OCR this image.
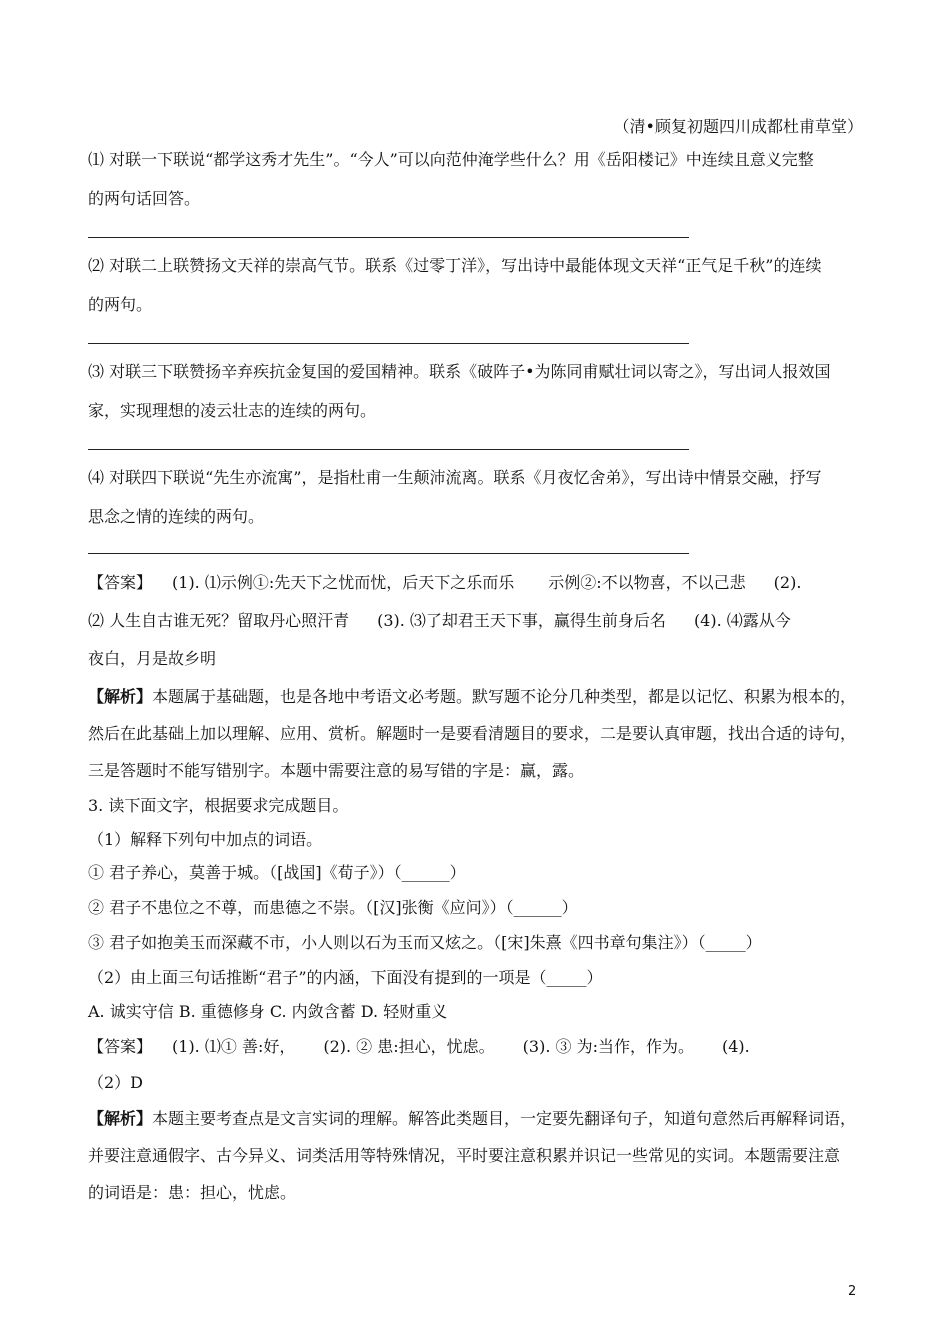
（清•顾复初题四川成都杜甫草堂）
⑴ 对联一下联说“都学这秀才先生”。“今人”可以向范仲淹学些什么？用《岳阳楼记》中连续且意义完整
的两句话回答。
⑵ 对联二上联赞扬文天祥的崇高气节。联系《过零丁洋》，写出诗中最能体现文天祥“正气足千秋”的连续
的两句。
⑶ 对联三下联赞扬辛弃疾抗金复国的爱国精神。联系《破阵子•为陈同甫赋壮词以寄之》，写出词人报效国
家，实现理想的凌云壮志的连续的两句。
⑷ 对联四下联说“先生亦流寓”，是指杜甫一生颠沛流离。联系《月夜忆舍弟》，写出诗中情景交融，抒写
思念之情的连续的两句。
【答案】 (1). ⑴示例①:先天下之忧而忧，后天下之乐而乐 示例②:不以物喜，不以己悲 (2).
⑵ 人生自古谁无死？留取丹心照汗青 (3). ⑶了却君王天下事，赢得生前身后名 (4). ⑷露从今
夜白，月是故乡明
【解析】本题属于基础题，也是各地中考语文必考题。默写题不论分几种类型，都是以记忆、积累为根本的，
然后在此基础上加以理解、应用、赏析。解题时一是要看清题目的要求，二是要认真审题，找出合适的诗句，
三是答题时不能写错别字。本题中需要注意的易写错的字是：赢，露。
3. 读下面文字，根据要求完成题目。
（1）解释下列句中加点的词语。
① 君子养心，莫善于城。（[战国]《荀子》）（______）
② 君子不患位之不尊，而患德之不崇。（[汉]张衡《应问》）（______）
③ 君子如抱美玉而深藏不市，小人则以石为玉而又炫之。（[宋]朱熹《四书章句集注》）（_____）
（2）由上面三句话推断“君子”的内涵，下面没有提到的一项是（_____）
A. 诚实守信 B. 重德修身 C. 内敛含蓄 D. 轻财重义
【答案】 (1). ⑴① 善:好， (2). ② 患:担心，忧虑。 (3). ③ 为:当作，作为。 (4).
（2）D
【解析】本题主要考查点是文言实词的理解。解答此类题目，一定要先翻译句子，知道句意然后再解释词语，
并要注意通假字、古今异义、词类活用等特殊情况，平时要注意积累并识记一些常见的实词。本题需要注意
的词语是：患：担心，忧虑。
2
